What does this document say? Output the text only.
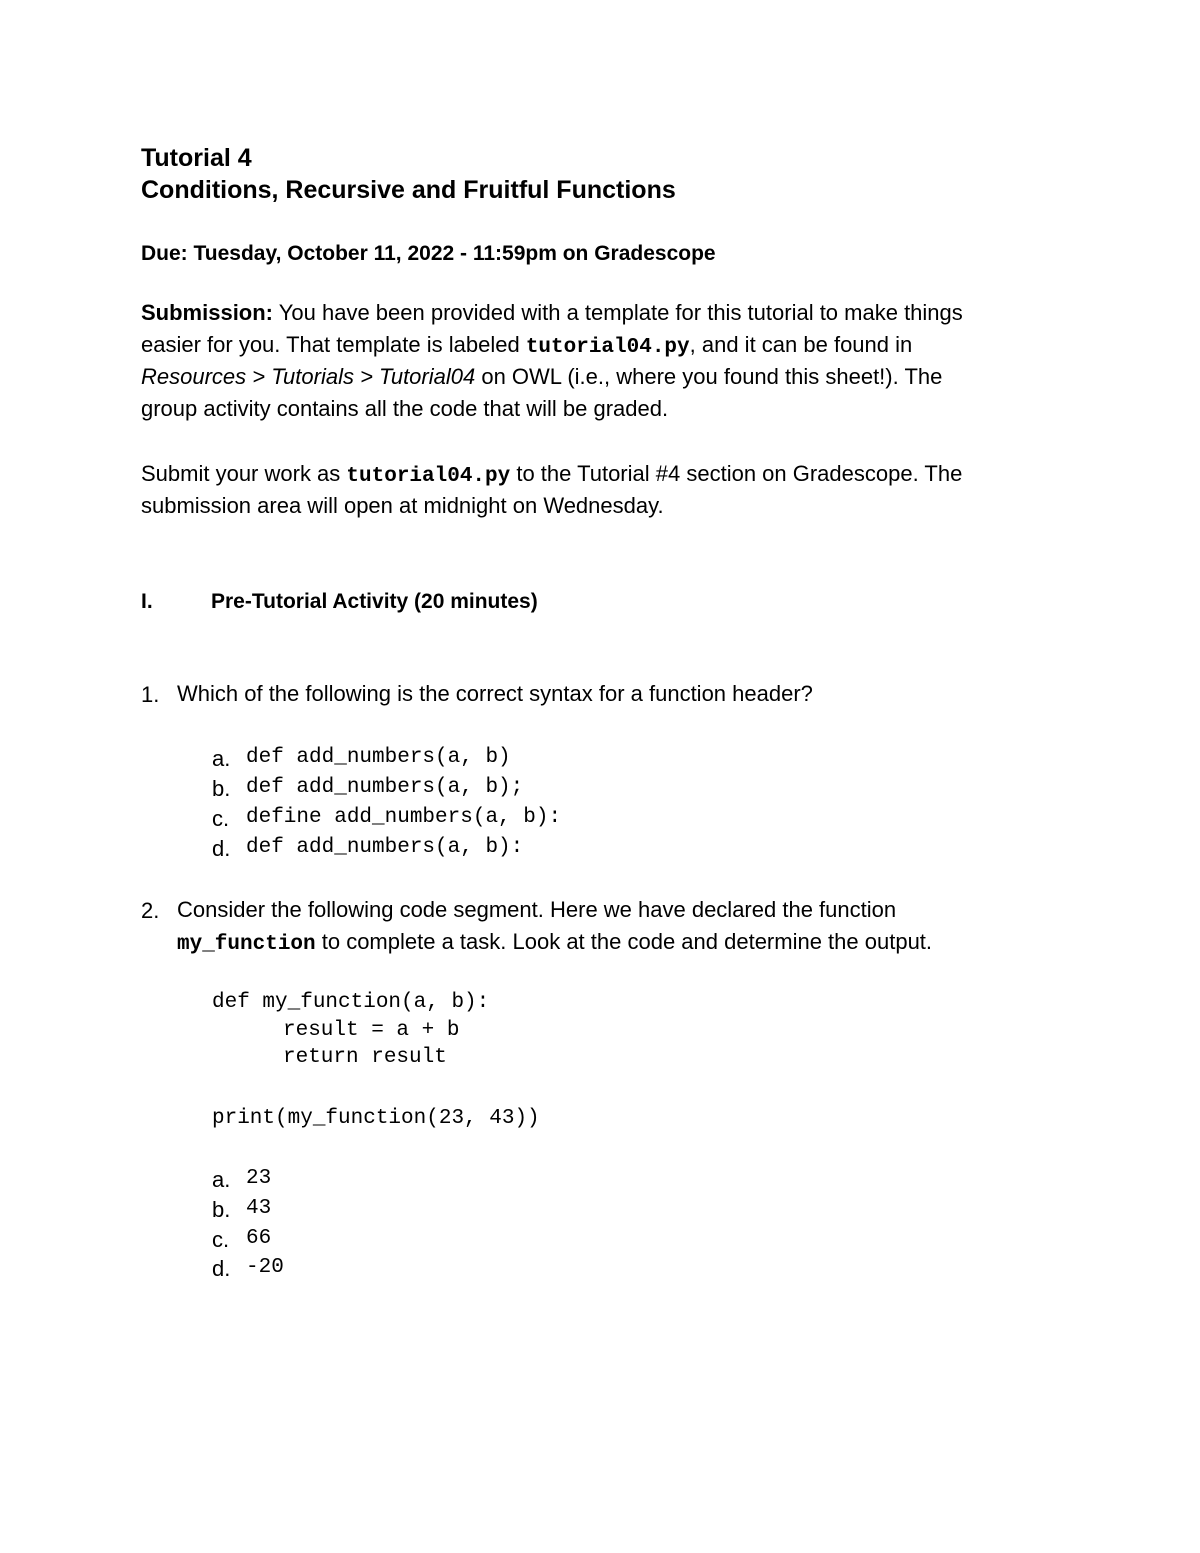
Tutorial 4
Conditions, Recursive and Fruitful Functions
Due: Tuesday, October 11, 2022 - 11:59pm on Gradescope
Submission: You have been provided with a template for this tutorial to make things
easier for you. That template is labeled tutorial04.py, and it can be found in
Resources > Tutorials > Tutorial04 on OWL (i.e., where you found this sheet!). The
group activity contains all the code that will be graded.
Submit your work as tutorial04.py to the Tutorial #4 section on Gradescope. The
submission area will open at midnight on Wednesday.
I.	Pre-Tutorial Activity (20 minutes)
1. Which of the following is the correct syntax for a function header?
a. def add_numbers(a, b)
b. def add_numbers(a, b);
c. define add_numbers(a, b):
d. def add_numbers(a, b):
2. Consider the following code segment. Here we have declared the function
my_function to complete a task. Look at the code and determine the output.
def my_function(a, b):
result = a + b
return result
print(my_function(23, 43))
a. 23
b. 43
c. 66
d. -20
